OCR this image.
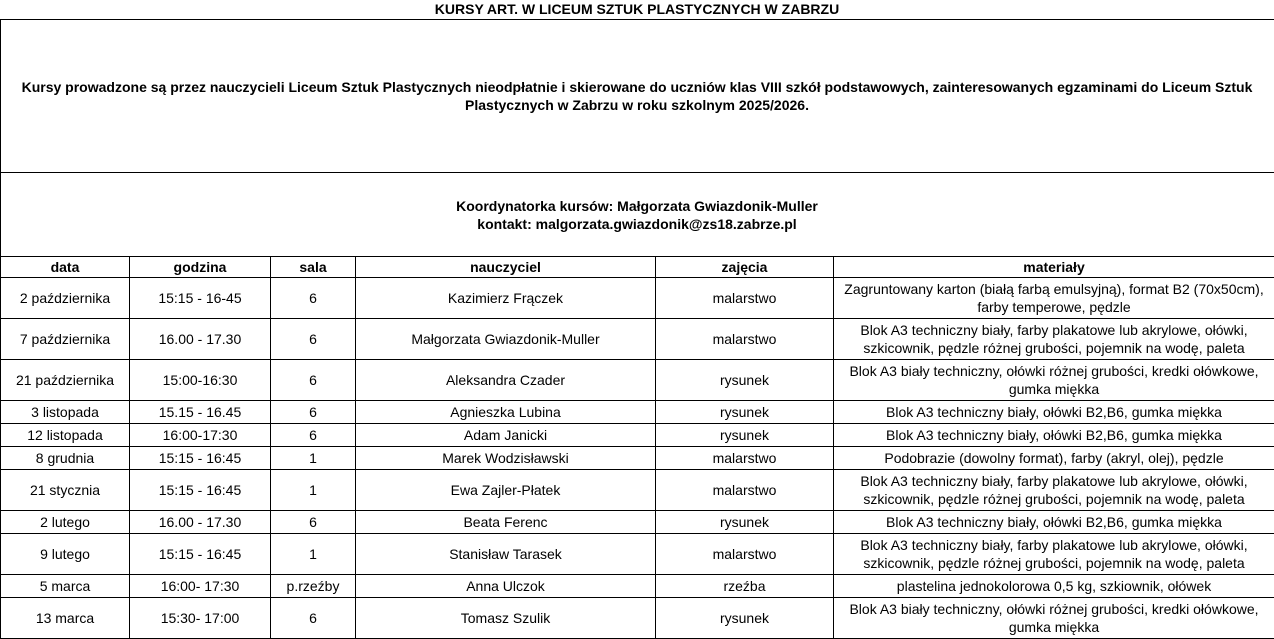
KURSY ART. W LICEUM SZTUK PLASTYCZNYCH W ZABRZU
Kursy prowadzone są przez nauczycieli Liceum Sztuk Plastycznych nieodpłatnie i skierowane do uczniów klas VIII szkół podstawowych, zainteresowanych egzaminami do Liceum Sztuk Plastycznych w Zabrzu w roku szkolnym 2025/2026.
Koordynatorka kursów: Małgorzata Gwiazdonik-Muller
kontakt: malgorzata.gwiazdonik@zs18.zabrze.pl
data	godzina	sala	nauczyciel	zajęcia	materiały
2 października	15:15 - 16-45	6	Kazimierz Frączek	malarstwo	Zagruntowany karton (białą farbą emulsyjną), format B2 (70x50cm), farby temperowe, pędzle
7 października	16.00 - 17.30	6	Małgorzata Gwiazdonik-Muller	malarstwo	Blok A3 techniczny biały, farby plakatowe lub akrylowe, ołówki, szkicownik, pędzle różnej grubości, pojemnik na wodę, paleta
21 października	15:00-16:30	6	Aleksandra Czader	rysunek	Blok A3 biały techniczny, ołówki różnej grubości, kredki ołówkowe, gumka miękka
3 listopada	15.15 - 16.45	6	Agnieszka Lubina	rysunek	Blok A3 techniczny biały, ołówki B2,B6, gumka miękka
12 listopada	16:00-17:30	6	Adam Janicki	rysunek	Blok A3 techniczny biały, ołówki B2,B6, gumka miękka
8 grudnia	15:15 - 16:45	1	Marek Wodzisławski	malarstwo	Podobrazie (dowolny format), farby (akryl, olej), pędzle
21 stycznia	15:15 - 16:45	1	Ewa Zajler-Płatek	malarstwo	Blok A3 techniczny biały, farby plakatowe lub akrylowe, ołówki, szkicownik, pędzle różnej grubości, pojemnik na wodę, paleta
2 lutego	16.00 - 17.30	6	Beata Ferenc	rysunek	Blok A3 techniczny biały, ołówki B2,B6, gumka miękka
9 lutego	15:15 - 16:45	1	Stanisław Tarasek	malarstwo	Blok A3 techniczny biały, farby plakatowe lub akrylowe, ołówki, szkicownik, pędzle różnej grubości, pojemnik na wodę, paleta
5 marca	16:00- 17:30	p.rzeźby	Anna Ulczok	rzeźba	plastelina jednokolorowa 0,5 kg, szkiownik, ołówek
13 marca	15:30- 17:00	6	Tomasz Szulik	rysunek	Blok A3 biały techniczny, ołówki różnej grubości, kredki ołówkowe, gumka miękka
